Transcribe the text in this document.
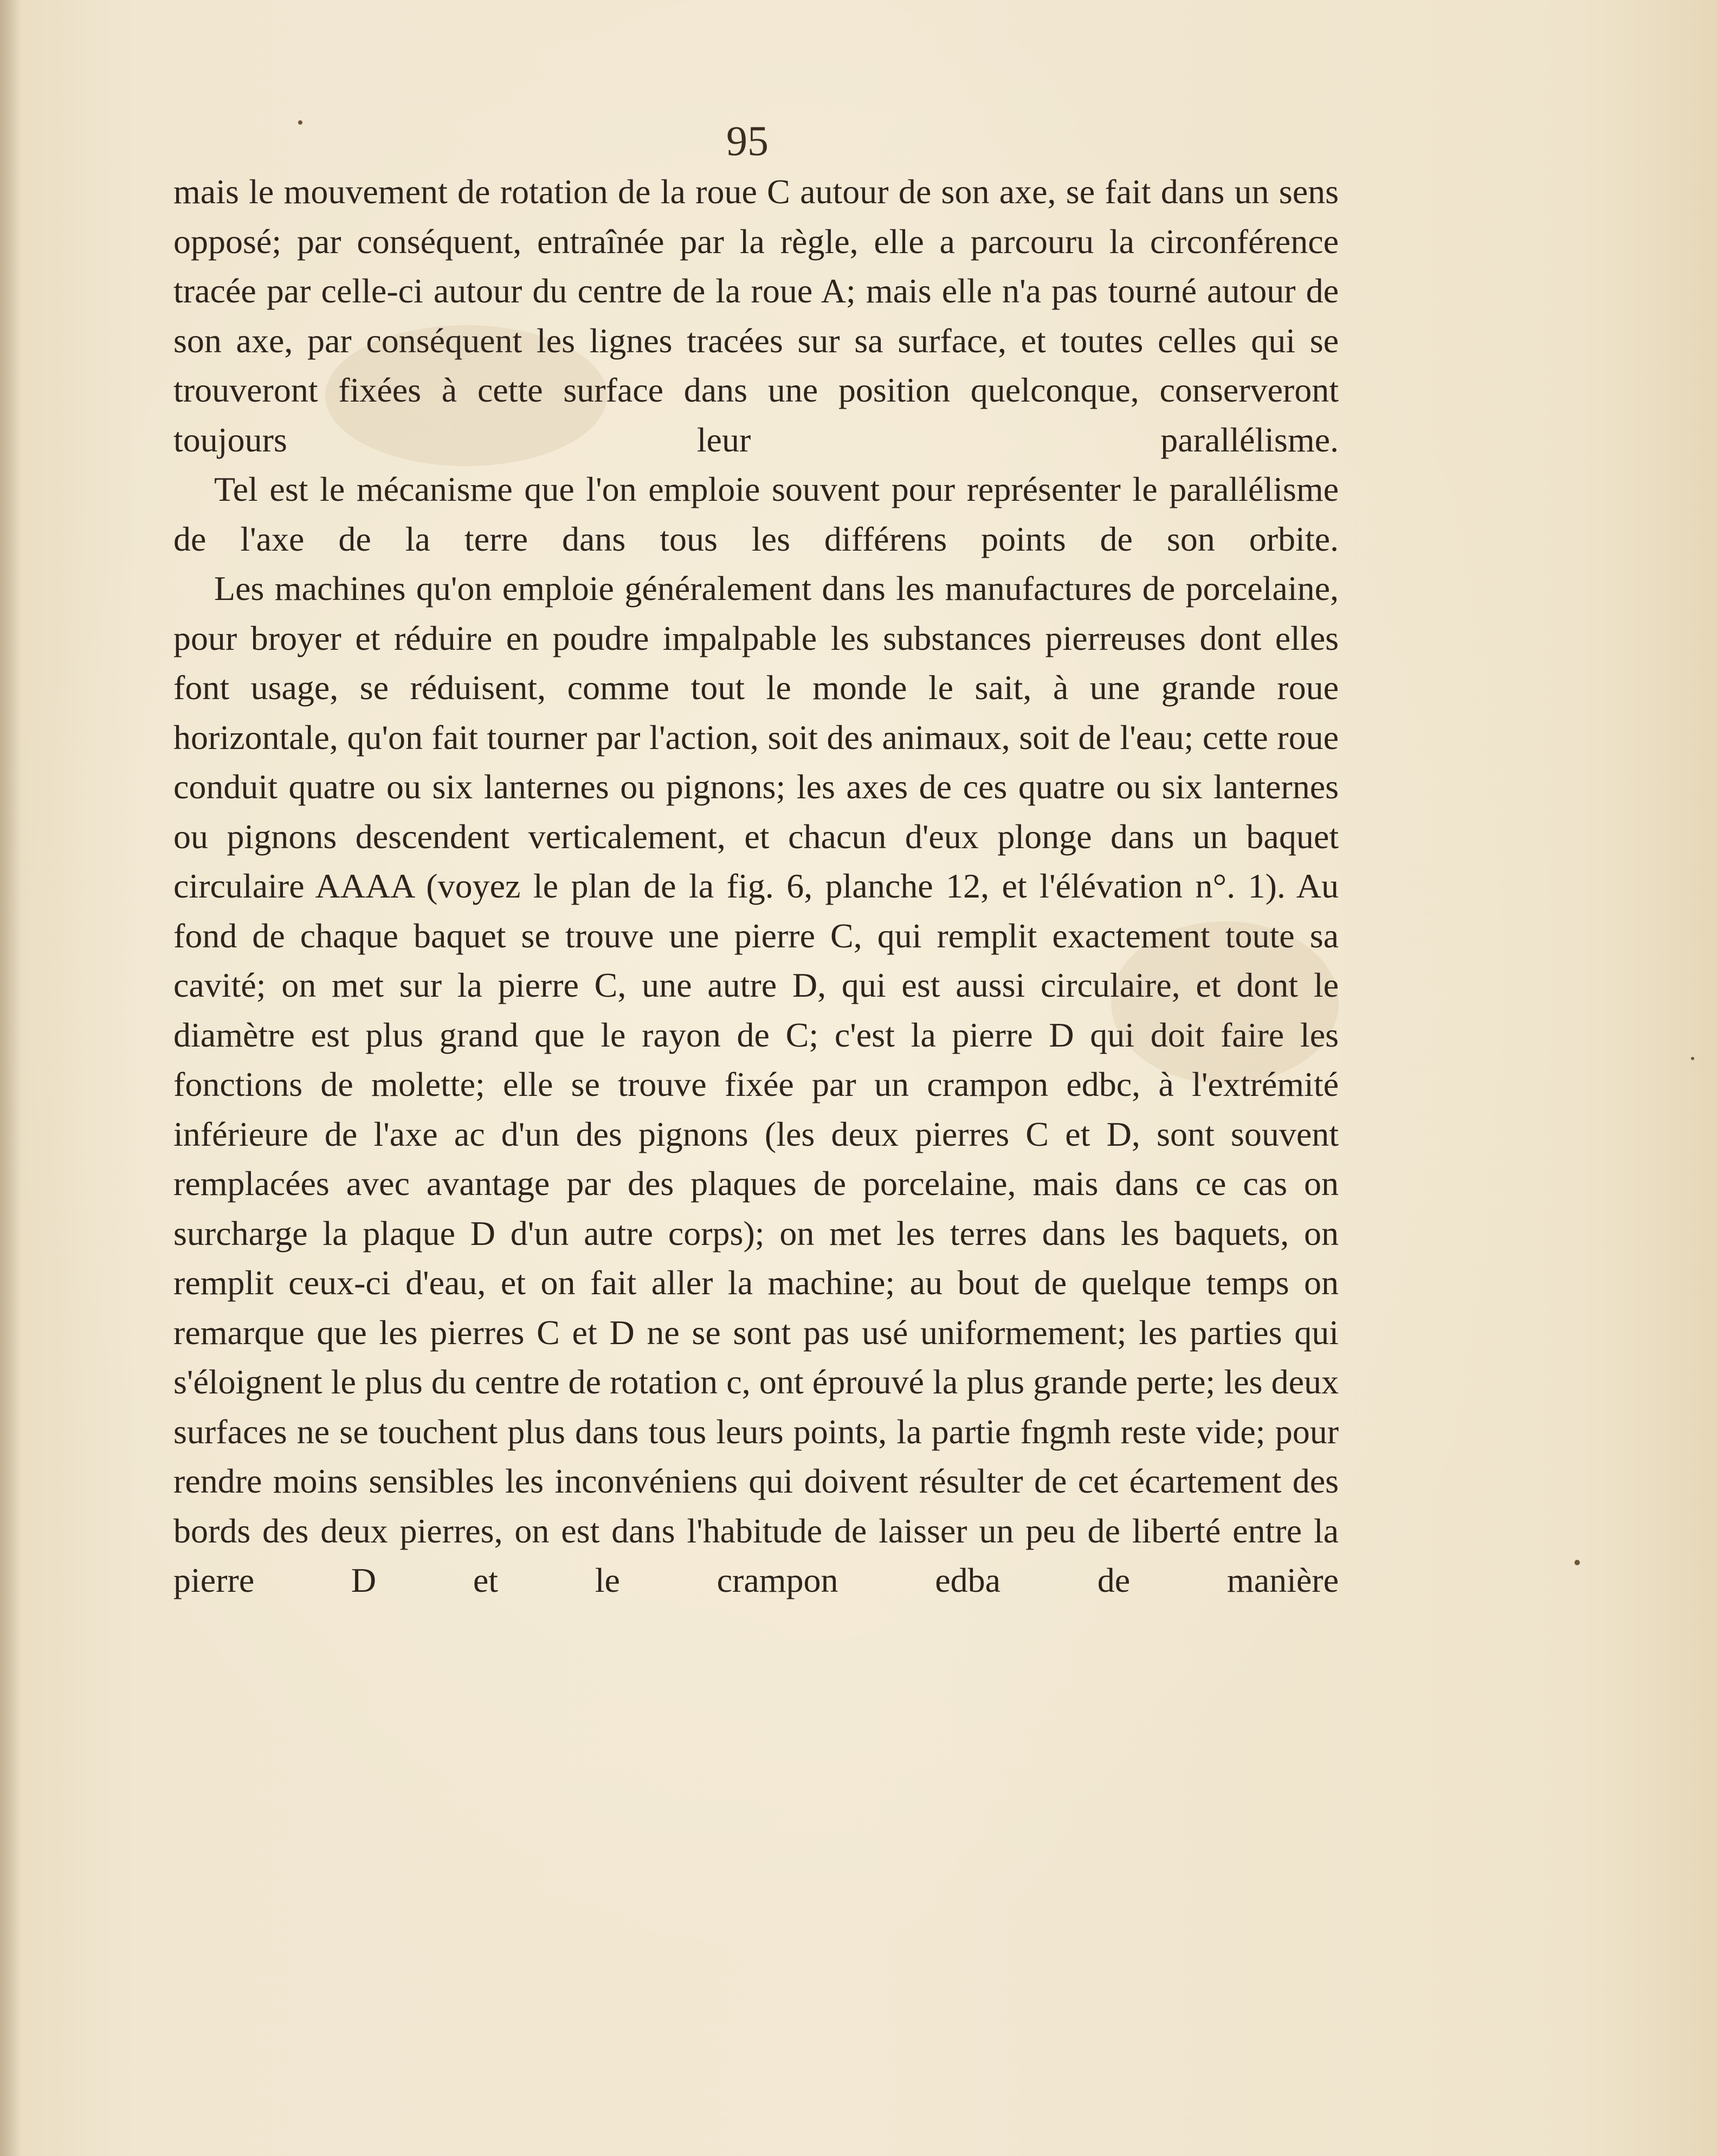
95

mais le mouvement de rotation de la roue C autour de son axe, se fait dans un sens opposé; par conséquent, entraînée par la règle, elle a parcouru la circonférence tracée par celle-ci autour du centre de la roue A; mais elle n'a pas tourné autour de son axe, par conséquent les lignes tracées sur sa surface, et toutes celles qui se trouveront fixées à cette surface dans une position quelconque, conserveront toujours leur parallélisme.

Tel est le mécanisme que l'on emploie souvent pour représenter le parallélisme de l'axe de la terre dans tous les différens points de son orbite.

Les machines qu'on emploie généralement dans les manufactures de porcelaine, pour broyer et réduire en poudre impalpable les substances pierreuses dont elles font usage, se réduisent, comme tout le monde le sait, à une grande roue horizontale, qu'on fait tourner par l'action, soit des animaux, soit de l'eau; cette roue conduit quatre ou six lanternes ou pignons; les axes de ces quatre ou six lanternes ou pignons descendent verticalement, et chacun d'eux plonge dans un baquet circulaire AAAA (voyez le plan de la fig. 6, planche 12, et l'élévation n°. 1). Au fond de chaque baquet se trouve une pierre C, qui remplit exactement toute sa cavité; on met sur la pierre C, une autre D, qui est aussi circulaire, et dont le diamètre est plus grand que le rayon de C; c'est la pierre D qui doit faire les fonctions de molette; elle se trouve fixée par un crampon edbc, à l'extrémité inférieure de l'axe ac d'un des pignons (les deux pierres C et D, sont souvent remplacées avec avantage par des plaques de porcelaine, mais dans ce cas on surcharge la plaque D d'un autre corps); on met les terres dans les baquets, on remplit ceux-ci d'eau, et on fait aller la machine; au bout de quelque temps on remarque que les pierres C et D ne se sont pas usé uniformement; les parties qui s'éloignent le plus du centre de rotation c, ont éprouvé la plus grande perte; les deux surfaces ne se touchent plus dans tous leurs points, la partie fngmh reste vide; pour rendre moins sensibles les inconvéniens qui doivent résulter de cet écartement des bords des deux pierres, on est dans l'habitude de laisser un peu de liberté entre la pierre D et le crampon edba de manière
